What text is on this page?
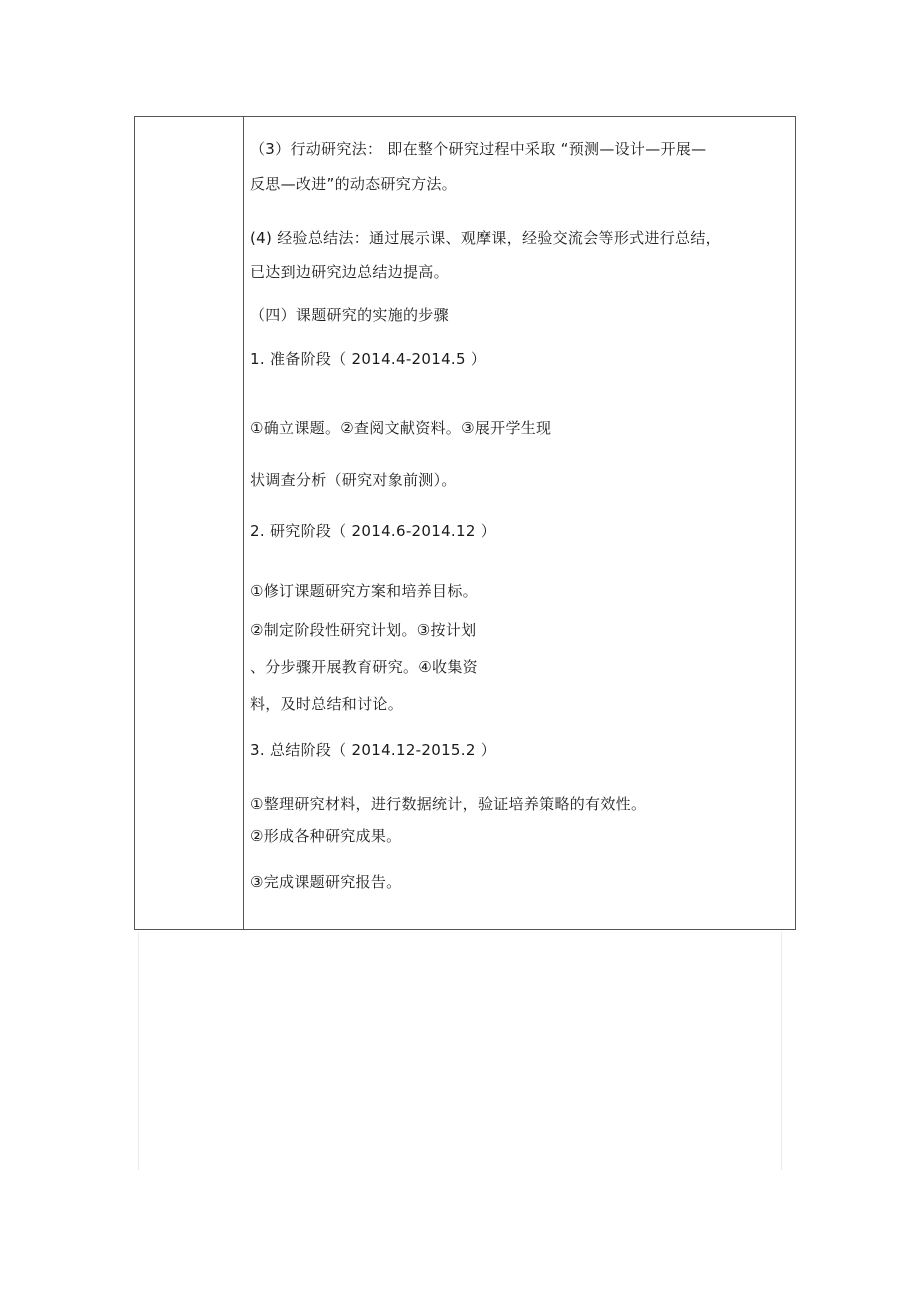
（3）行动研究法： 即在整个研究过程中采取 “预测—设计—开展—
反思—改进”的动态研究方法。
(4) 经验总结法：通过展示课、观摩课，经验交流会等形式进行总结，
已达到边研究边总结边提高。
（四）课题研究的实施的步骤
1. 准备阶段（ 2014.4-2014.5 ）
①确立课题。②查阅文献资料。③展开学生现
状调查分析（研究对象前测）。
2. 研究阶段（ 2014.6-2014.12 ）
①修订课题研究方案和培养目标。
②制定阶段性研究计划。③按计划
、分步骤开展教育研究。④收集资
料，及时总结和讨论。
3. 总结阶段（ 2014.12-2015.2 ）
①整理研究材料，进行数据统计，验证培养策略的有效性。
②形成各种研究成果。
③完成课题研究报告。
